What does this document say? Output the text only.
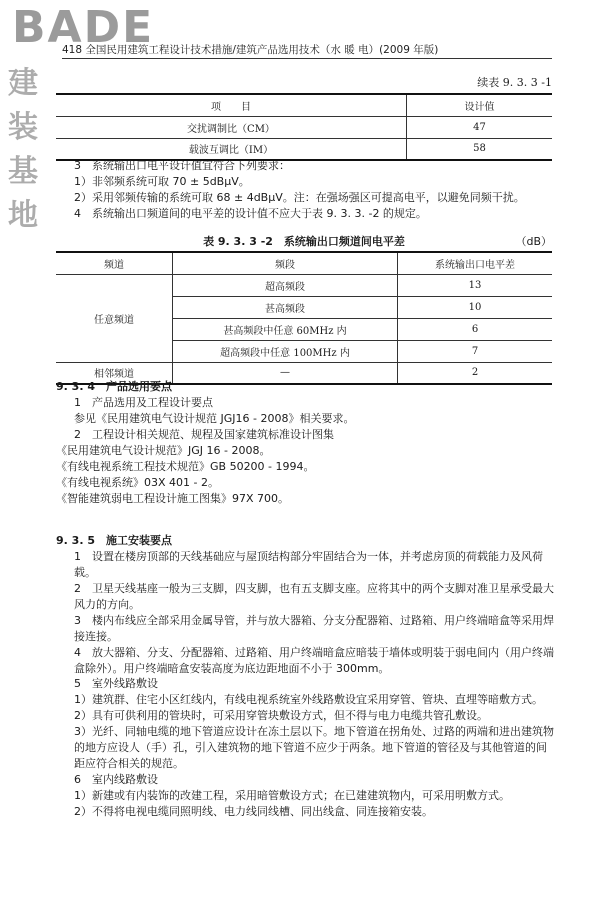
BADE
建装基地
418 全国民用建筑工程设计技术措施/建筑产品选用技术（水 暖 电）(2009 年版)
续表 9. 3. 3 -1
项　　目	设计值
交扰调制比（CM）	47
载波互调比（IM）	58

3　系统输出口电平设计值宜符合下列要求：

1）非邻频系统可取 70 ± 5dBμV。

2）采用邻频传输的系统可取 68 ± 4dBμV。注：在强场强区可提高电平，以避免同频干扰。

4　系统输出口频道间的电平差的设计值不应大于表 9. 3. 3. -2 的规定。

表 9. 3. 3 -2　系统输出口频道间电平差	（dB）
频道	频段	系统输出口电平差
任意频道	超高频段	13
	甚高频段	10
	甚高频段中任意 60MHz 内	6
	超高频段中任意 100MHz 内	7
相邻频道	—	2

9. 3. 4　产品选用要点

1　产品选用及工程设计要点

参见《民用建筑电气设计规范 JGJ16 - 2008》相关要求。

2　工程设计相关规范、规程及国家建筑标准设计图集

《民用建筑电气设计规范》JGJ 16 - 2008。

《有线电视系统工程技术规范》GB 50200 - 1994。

《有线电视系统》03X 401 - 2。

《智能建筑弱电工程设计施工图集》97X 700。

9. 3. 5　施工安装要点

1　设置在楼房顶部的天线基础应与屋顶结构部分牢固结合为一体，并考虑房顶的荷载能力及风荷载。

2　卫星天线基座一般为三支脚，四支脚，也有五支脚支座。应将其中的两个支脚对准卫星承受最大风力的方向。

3　楼内布线应全部采用金属导管，并与放大器箱、分支分配器箱、过路箱、用户终端暗盒等采用焊接连接。

4　放大器箱、分支、分配器箱、过路箱、用户终端暗盒应暗装于墙体或明装于弱电间内（用户终端盒除外）。用户终端暗盒安装高度为底边距地面不小于 300mm。

5　室外线路敷设

1）建筑群、住宅小区红线内，有线电视系统室外线路敷设宜采用穿管、管块、直埋等暗敷方式。

2）具有可供利用的管块时，可采用穿管块敷设方式，但不得与电力电缆共管孔敷设。

3）光纤、同轴电缆的地下管道应设计在冻土层以下。地下管道在拐角处、过路的两端和进出建筑物的地方应设人（手）孔，引入建筑物的地下管道不应少于两条。地下管道的管径及与其他管道的间距应符合相关的规范。

6　室内线路敷设

1）新建或有内装饰的改建工程，采用暗管敷设方式；在已建建筑物内，可采用明敷方式。

2）不得将电视电缆同照明线、电力线同线槽、同出线盒、同连接箱安装。
